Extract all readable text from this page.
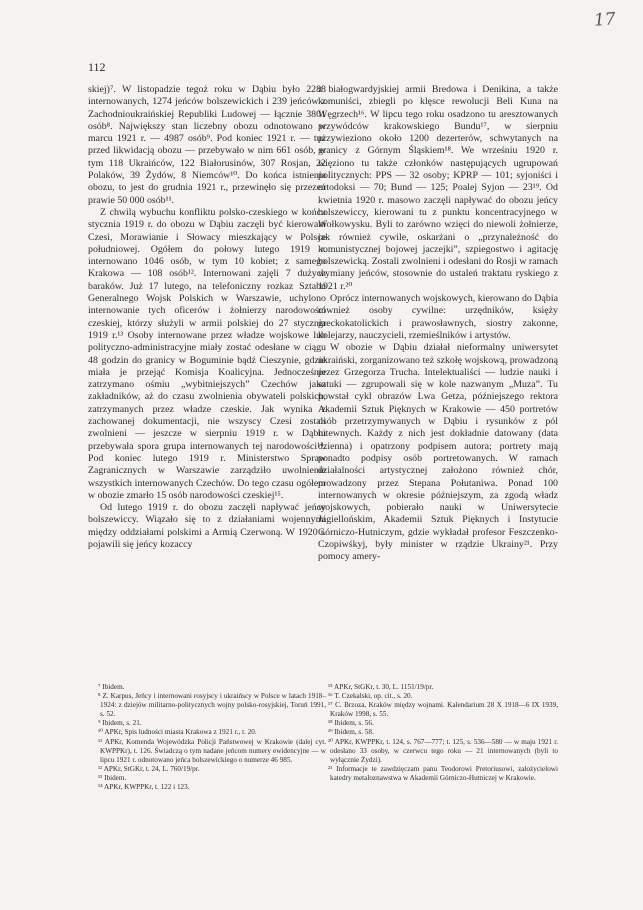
17
112

skiej)⁷. W listopadzie tegoż roku w Dąbiu było 2288 internowanych, 1274 jeńców bolszewickich i 239 jeńców z Zachodnioukraińskiej Republiki Ludowej — łącznie 3801 osób⁸. Największy stan liczebny obozu odnotowano w marcu 1921 r. — 4987 osób⁹. Pod koniec 1921 r. — tuż przed likwidacją obozu — przebywało w nim 661 osób, w tym 118 Ukraińców, 122 Białorusinów, 307 Rosjan, 22 Polaków, 39 Żydów, 8 Niemców¹⁰. Do końca istnienia obozu, to jest do grudnia 1921 r., przewinęło się przezeń prawie 50 000 osób¹¹.

Z chwilą wybuchu konfliktu polsko-czeskiego w końcu stycznia 1919 r. do obozu w Dąbiu zaczęli być kierowani Czesi, Morawianie i Słowacy mieszkający w Polsce południowej. Ogółem do połowy lutego 1919 r. internowano 1046 osób, w tym 10 kobiet; z samego Krakowa — 108 osób¹². Internowani zajęli 7 dużych baraków. Już 17 lutego, na telefoniczny rozkaz Sztabu Generalnego Wojsk Polskich w Warszawie, uchylono internowanie tych oficerów i żołnierzy narodowości czeskiej, którzy służyli w armii polskiej do 27 stycznia 1919 r.¹³ Osoby internowane przez władze wojskowe lub polityczno-administracyjne miały zostać odesłane w ciągu 48 godzin do granicy w Boguminie bądź Cieszynie, gdzie miała je przejąć Komisja Koalicyjna. Jednocześnie zatrzymano ośmiu „wybitniejszych” Czechów jako zakładników, aż do czasu zwolnienia obywateli polskich, zatrzymanych przez władze czeskie. Jak wynika z zachowanej dokumentacji, nie wszyscy Czesi zostali zwolnieni — jeszcze w sierpniu 1919 r. w Dąbiu przebywała spora grupa internowanych tej narodowości¹⁴. Pod koniec lutego 1919 r. Ministerstwo Spraw Zagranicznych w Warszawie zarządziło uwolnienie wszystkich internowanych Czechów. Do tego czasu ogółem w obozie zmarło 15 osób narodowości czeskiej¹⁵.

Od lutego 1919 r. do obozu zaczęli napływać jeńcy bolszewiccy. Wiązało się to z działaniami wojennymi między oddziałami polskimi a Armią Czerwoną. W 1920 r. pojawili się jeńcy kozaccy

z białogwardyjskiej armii Bredowa i Denikina, a także komuniści, zbiegli po klęsce rewolucji Beli Kuna na Węgrzech¹⁶. W lipcu tego roku osadzono tu aresztowanych przywódców krakowskiego Bundu¹⁷, w sierpniu przywieziono około 1200 dezerterów, schwytanych na granicy z Górnym Śląskiem¹⁸. We wrześniu 1920 r. więziono tu także członków następujących ugrupowań politycznych: PPS — 32 osoby; KPRP — 101; syjoniści i ortodoksi — 70; Bund — 125; Poalej Syjon — 23¹⁹. Od kwietnia 1920 r. masowo zaczęli napływać do obozu jeńcy bolszewiccy, kierowani tu z punktu koncentracyjnego w Wołkowysku. Byli to zarówno wzięci do niewoli żołnierze, jak również cywile, oskarżani o „przynależność do komunistycznej bojowej jaczejki”, szpiegostwo i agitację bolszewicką. Zostali zwolnieni i odesłani do Rosji w ramach wymiany jeńców, stosownie do ustaleń traktatu ryskiego z 1921 r.²⁰

Oprócz internowanych wojskowych, kierowano do Dąbia również osoby cywilne: urzędników, księży greckokatolickich i prawosławnych, siostry zakonne, kolejarzy, nauczycieli, rzemieślników i artystów.

W obozie w Dąbiu działał nieformalny uniwersytet ukraiński, zorganizowano też szkołę wojskową, prowadzoną przez Grzegorza Trucha. Intelektualiści — ludzie nauki i sztuki — zgrupowali się w kole nazwanym „Muza”. Tu powstał cykl obrazów Lwa Getza, późniejszego rektora Akademii Sztuk Pięknych w Krakowie — 450 portretów osób przetrzymywanych w Dąbiu i rysunków z pól bitewnych. Każdy z nich jest dokładnie datowany (data dzienna) i opatrzony podpisem autora; portrety mają ponadto podpisy osób portretowanych. W ramach działalności artystycznej założono również chór, prowadzony przez Stepana Połutaniwa. Ponad 100 internowanych w okresie późniejszym, za zgodą władz wojskowych, pobierało nauki w Uniwersytecie Jagiellońskim, Akademii Sztuk Pięknych i Instytucie Górniczo-Hutniczym, gdzie wykładał profesor Feszczenko-Czopiwśkyj, były minister w rządzie Ukrainy²¹. Przy pomocy amery-

⁷ Ibidem.
⁸ Z. Karpus, Jeńcy i internowani rosyjscy i ukraińscy w Polsce w latach 1918–1924: z dziejów militarno-politycznych wojny polsko-rosyjskiej, Toruń 1991, s. 52.
⁹ Ibidem, s. 21.
¹⁰ APKr, Spis ludności miasta Krakowa z 1921 r., t. 20.
¹¹ APKr, Komenda Wojewódzka Policji Państwowej w Krakowie (dalej cyt. KWPPKr), t. 126. Świadczą o tym nadane jeńcom numery ewidencyjne — w lipcu 1921 r. odnotowano jeńca bolszewickiego o numerze 46 985.
¹² APKr, StGKr, t. 24, L. 760/19/pr.
¹³ Ibidem.
¹⁴ APKr, KWPPKr, t. 122 i 123.
¹⁵ APKr, StGKr, t. 30, L. 1151/19/pr.
¹⁶ T. Czekalski, op. cit., s. 20.
¹⁷ C. Brzoza, Kraków między wojnami. Kalendarium 28 X 1918—6 IX 1939, Kraków 1998, s. 55.
¹⁸ Ibidem, s. 56.
¹⁹ Ibidem, s. 58.
²⁰ APKr, KWPPKr, t. 124, s. 767—777; t. 125, s. 536—580 — w maju 1921 r. odesłano 33 osoby, w czerwcu tego roku — 21 internowanych (byli to wyłącznie Żydzi).
²¹ Informacje te zawdzięczam panu Teodorowi Pretoriusowi, założycielowi katedry metaloznawstwa w Akademii Górniczo-Hutniczej w Krakowie.
